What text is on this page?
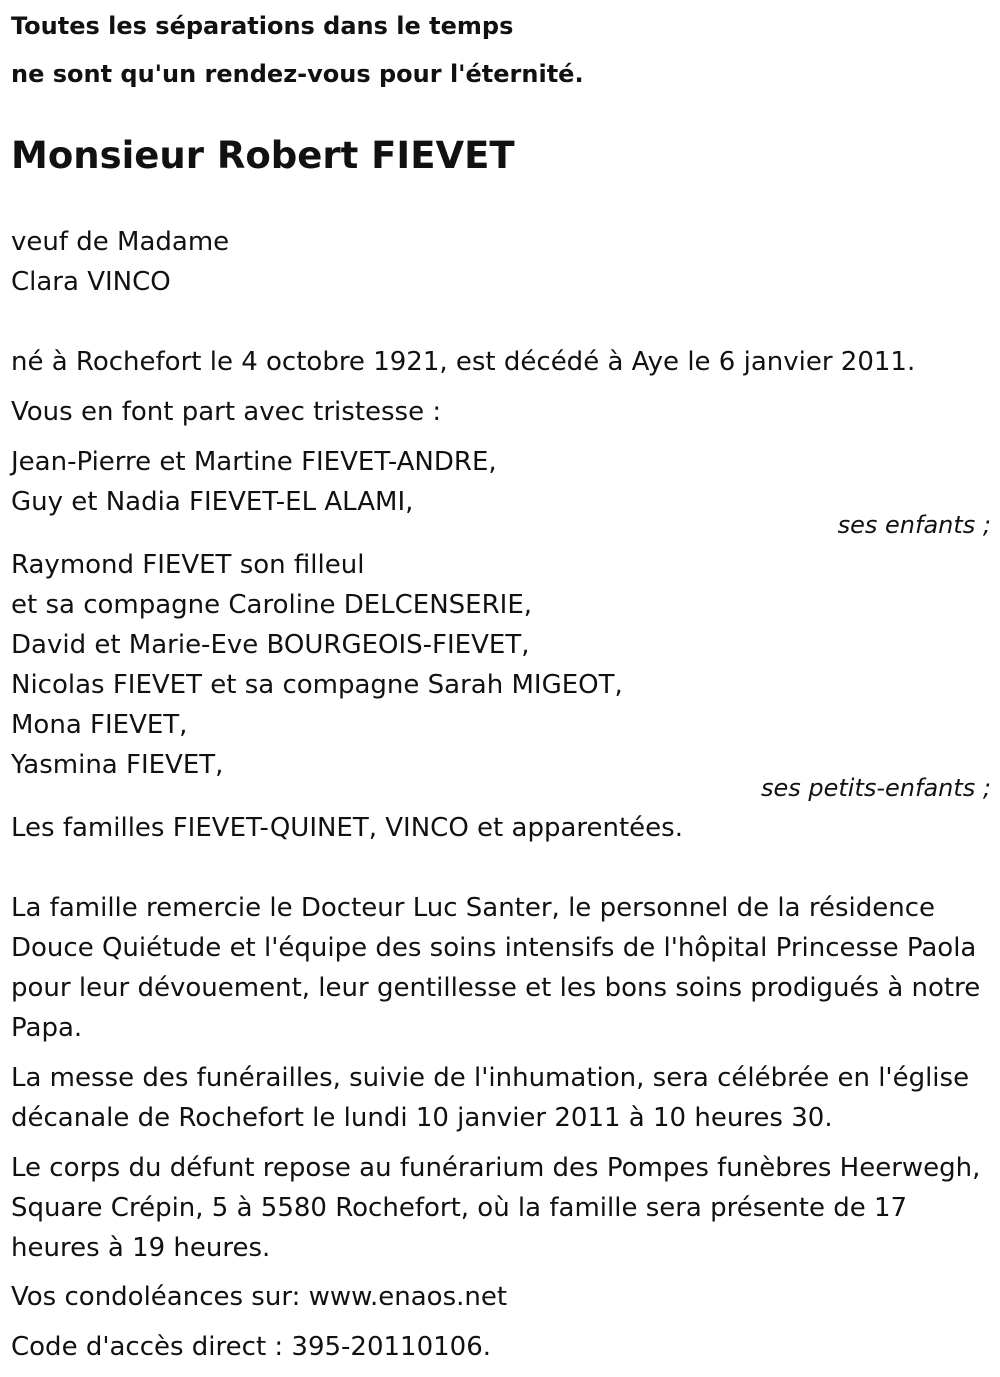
Toutes les séparations dans le temps

ne sont qu'un rendez-vous pour l'éternité.

Monsieur Robert FIEVET

veuf de Madame

Clara VINCO

né à Rochefort le 4 octobre 1921, est décédé à Aye le 6 janvier 2011.

Vous en font part avec tristesse :

Jean-Pierre et Martine FIEVET-ANDRE,

Guy et Nadia FIEVET-EL ALAMI,

ses enfants ;

Raymond FIEVET son filleul

et sa compagne Caroline DELCENSERIE,

David et Marie-Eve BOURGEOIS-FIEVET,

Nicolas FIEVET et sa compagne Sarah MIGEOT,

Mona FIEVET,

Yasmina FIEVET,

ses petits-enfants ;

Les familles FIEVET-QUINET, VINCO et apparentées.

La famille remercie le Docteur Luc Santer, le personnel de la résidence Douce Quiétude et l'équipe des soins intensifs de l'hôpital Princesse Paola pour leur dévouement, leur gentillesse et les bons soins prodigués à notre Papa.

La messe des funérailles, suivie de l'inhumation, sera célébrée en l'église décanale de Rochefort le lundi 10 janvier 2011 à 10 heures 30.

Le corps du défunt repose au funérarium des Pompes funèbres Heerwegh, Square Crépin, 5 à 5580 Rochefort, où la famille sera présente de 17 heures à 19 heures.

Vos condoléances sur: www.enaos.net

Code d'accès direct : 395-20110106.
